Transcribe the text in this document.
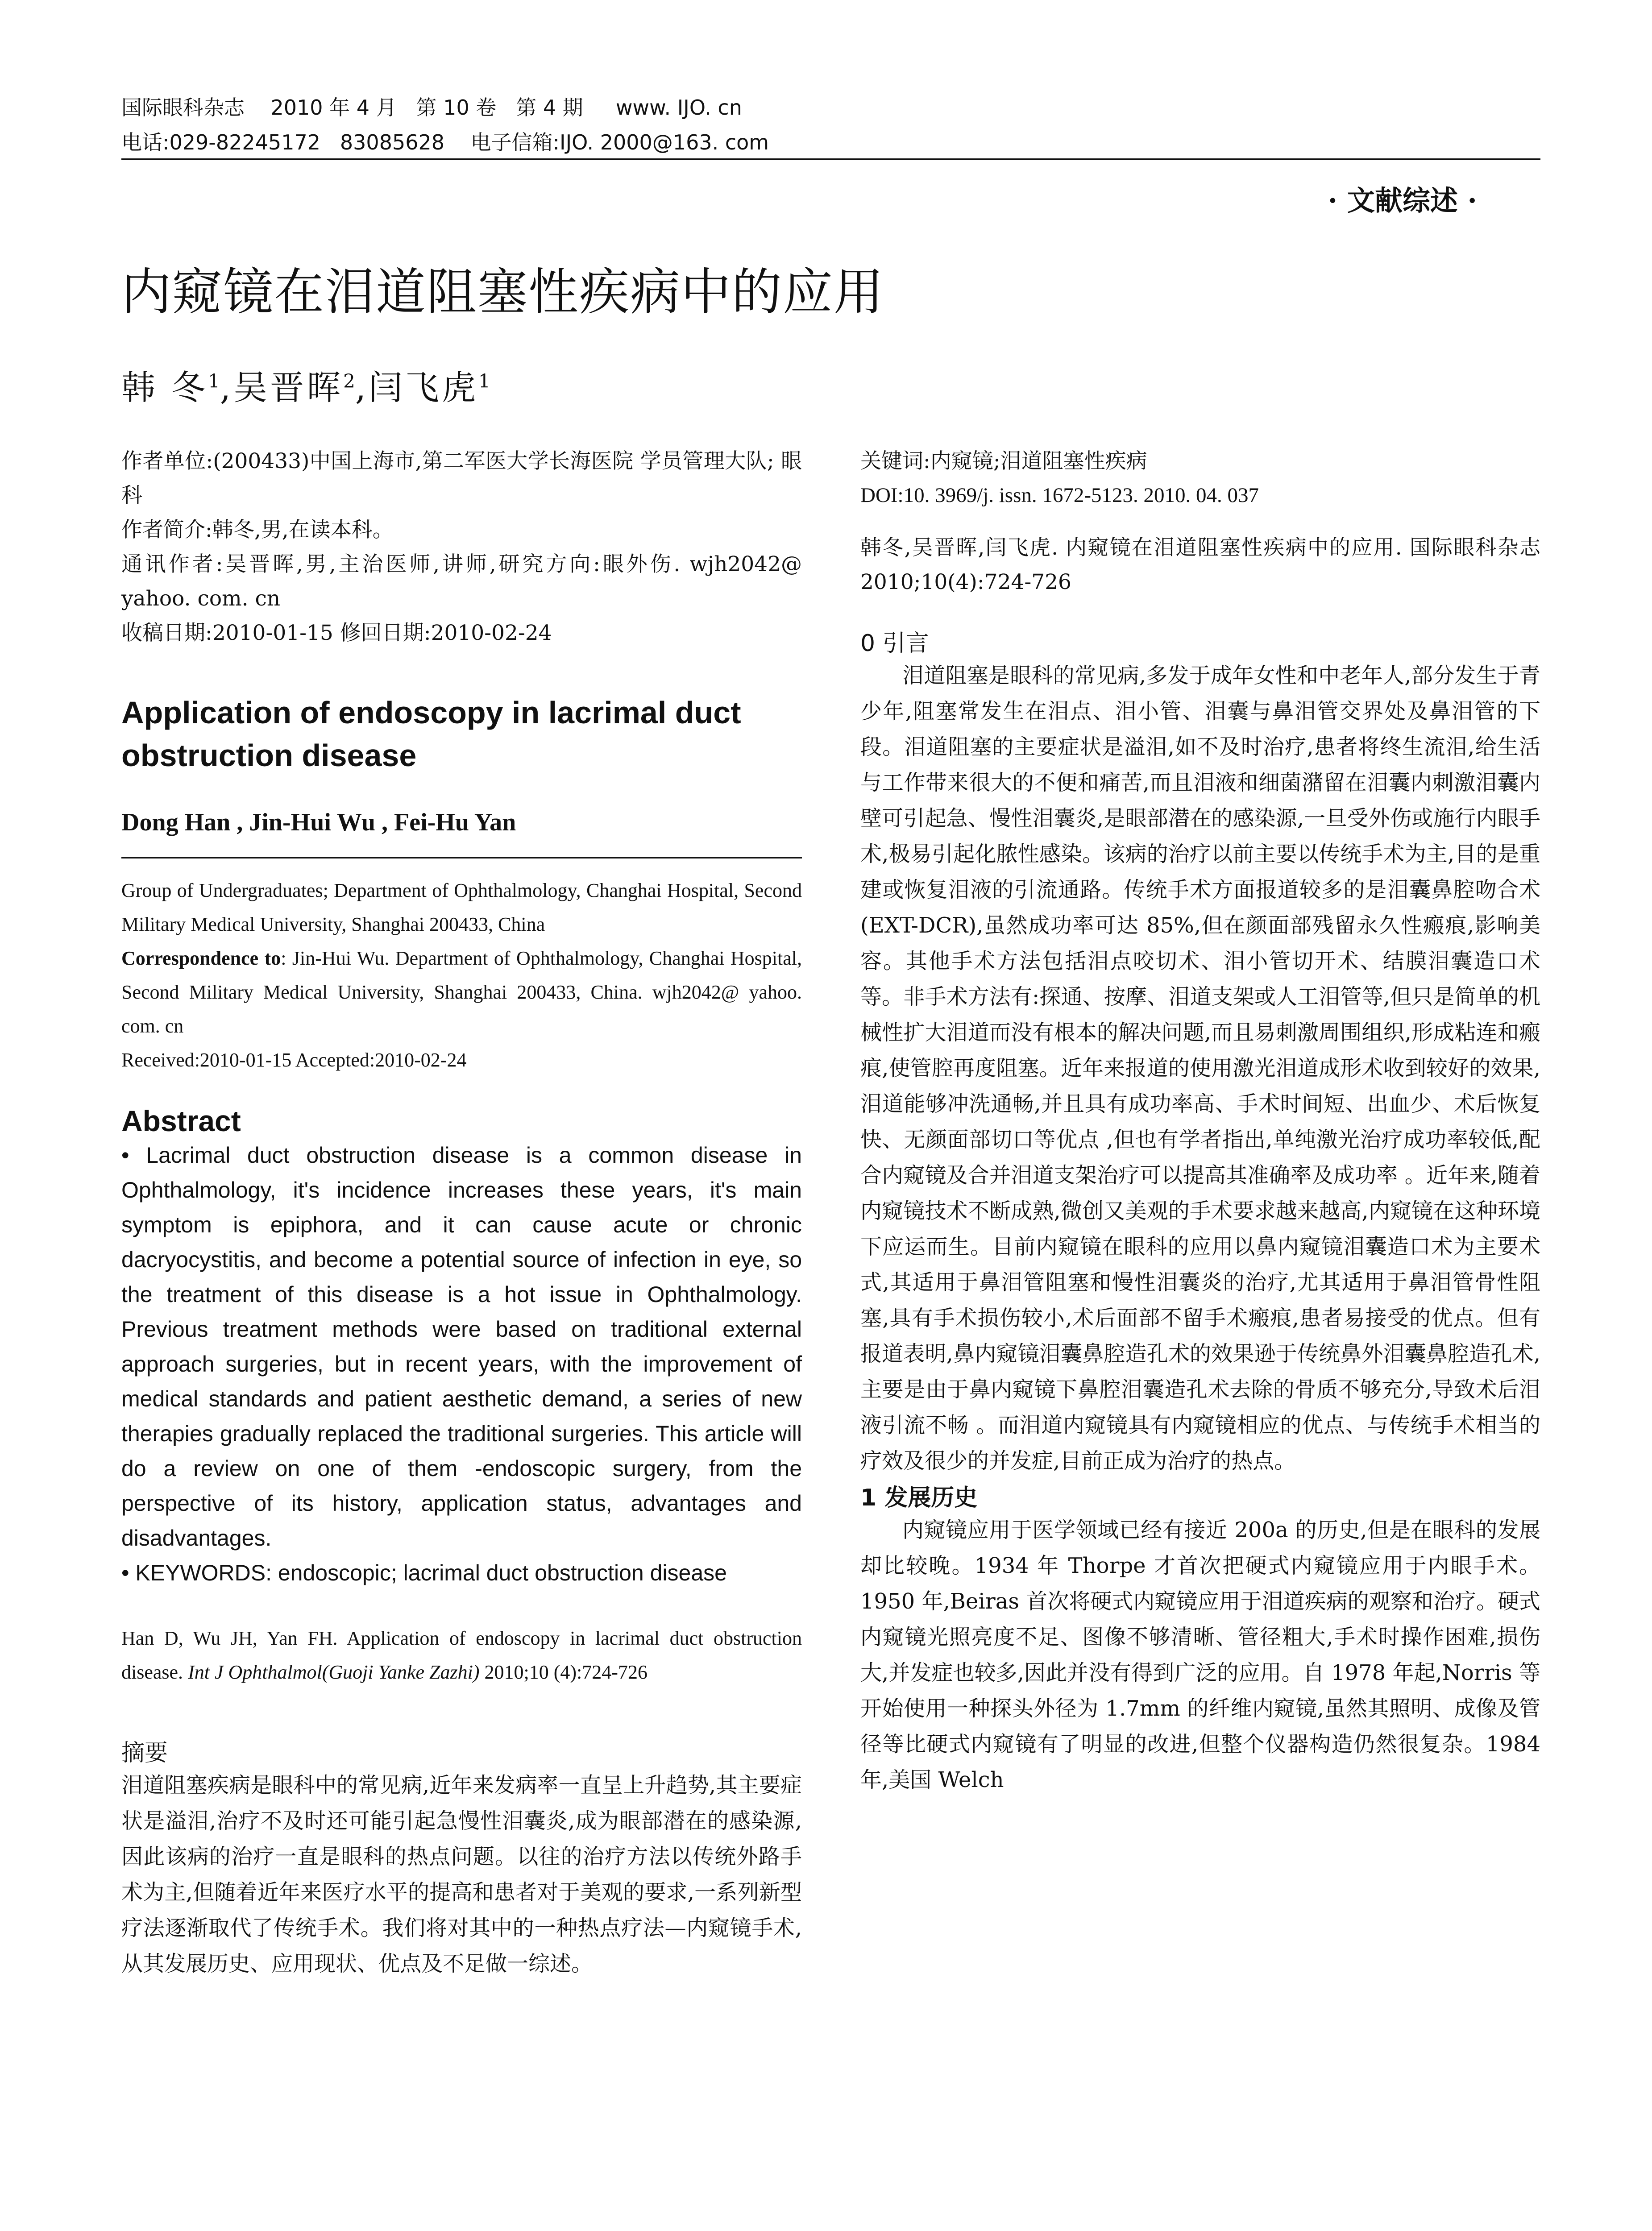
国际眼科杂志    2010 年 4 月   第 10 卷   第 4 期     www. IJO. cn
电话:029-82245172   83085628    电子信箱:IJO. 2000@163. com
· 文献综述 ·
内窥镜在泪道阻塞性疾病中的应用
韩 冬$^1$,吴晋晖$^2$,闫飞虎$^1$

作者单位:(200433)中国上海市,第二军医大学长海医院 学员管理大队; 眼科

作者简介:韩冬,男,在读本科。

通讯作者:吴晋晖,男,主治医师,讲师,研究方向:眼外伤. wjh2042@ yahoo. com. cn

收稿日期:2010-01-15 修回日期:2010-02-24

Application of endoscopy in lacrimal duct obstruction disease

Dong Han , Jin-Hui Wu , Fei-Hu Yan

Group of Undergraduates; Department of Ophthalmology, Changhai Hospital, Second Military Medical University, Shanghai 200433, China

Correspondence to: Jin-Hui Wu. Department of Ophthalmology, Changhai Hospital, Second Military Medical University, Shanghai 200433, China. wjh2042@ yahoo. com. cn

Received:2010-01-15 Accepted:2010-02-24

Abstract

• Lacrimal duct obstruction disease is a common disease in Ophthalmology, it's incidence increases these years, it's main symptom is epiphora, and it can cause acute or chronic dacryocystitis, and become a potential source of infection in eye, so the treatment of this disease is a hot issue in Ophthalmology. Previous treatment methods were based on traditional external approach surgeries, but in recent years, with the improvement of medical standards and patient aesthetic demand, a series of new therapies gradually replaced the traditional surgeries. This article will do a review on one of them -endoscopic surgery, from the perspective of its history, application status, advantages and disadvantages.

• KEYWORDS: endoscopic; lacrimal duct obstruction disease

Han D, Wu JH, Yan FH. Application of endoscopy in lacrimal duct obstruction disease. Int J Ophthalmol(Guoji Yanke Zazhi) 2010;10 (4):724-726

摘要

泪道阻塞疾病是眼科中的常见病,近年来发病率一直呈上升趋势,其主要症状是溢泪,治疗不及时还可能引起急慢性泪囊炎,成为眼部潜在的感染源,因此该病的治疗一直是眼科的热点问题。以往的治疗方法以传统外路手术为主,但随着近年来医疗水平的提高和患者对于美观的要求,一系列新型疗法逐渐取代了传统手术。我们将对其中的一种热点疗法—内窥镜手术,从其发展历史、应用现状、优点及不足做一综述。

关键词:内窥镜;泪道阻塞性疾病

DOI:10. 3969/j. issn. 1672-5123. 2010. 04. 037

韩冬,吴晋晖,闫飞虎. 内窥镜在泪道阻塞性疾病中的应用. 国际眼科杂志 2010;10(4):724-726

0 引言

泪道阻塞是眼科的常见病,多发于成年女性和中老年人,部分发生于青少年,阻塞常发生在泪点、泪小管、泪囊与鼻泪管交界处及鼻泪管的下段。泪道阻塞的主要症状是溢泪,如不及时治疗,患者将终生流泪,给生活与工作带来很大的不便和痛苦,而且泪液和细菌潴留在泪囊内刺激泪囊内壁可引起急、慢性泪囊炎,是眼部潜在的感染源,一旦受外伤或施行内眼手术,极易引起化脓性感染。该病的治疗以前主要以传统手术为主,目的是重建或恢复泪液的引流通路。传统手术方面报道较多的是泪囊鼻腔吻合术(EXT-DCR),虽然成功率可达 85%,但在颜面部残留永久性瘢痕,影响美容。其他手术方法包括泪点咬切术、泪小管切开术、结膜泪囊造口术等。非手术方法有:探通、按摩、泪道支架或人工泪管等,但只是简单的机械性扩大泪道而没有根本的解决问题,而且易刺激周围组织,形成粘连和瘢痕,使管腔再度阻塞。近年来报道的使用激光泪道成形术收到较好的效果,泪道能够冲洗通畅,并且具有成功率高、手术时间短、出血少、术后恢复快、无颜面部切口等优点 ,但也有学者指出,单纯激光治疗成功率较低,配合内窥镜及合并泪道支架治疗可以提高其准确率及成功率 。近年来,随着内窥镜技术不断成熟,微创又美观的手术要求越来越高,内窥镜在这种环境下应运而生。目前内窥镜在眼科的应用以鼻内窥镜泪囊造口术为主要术式,其适用于鼻泪管阻塞和慢性泪囊炎的治疗,尤其适用于鼻泪管骨性阻塞,具有手术损伤较小,术后面部不留手术瘢痕,患者易接受的优点。但有报道表明,鼻内窥镜泪囊鼻腔造孔术的效果逊于传统鼻外泪囊鼻腔造孔术,主要是由于鼻内窥镜下鼻腔泪囊造孔术去除的骨质不够充分,导致术后泪液引流不畅 。而泪道内窥镜具有内窥镜相应的优点、与传统手术相当的疗效及很少的并发症,目前正成为治疗的热点。

1 发展历史

内窥镜应用于医学领域已经有接近 200a 的历史,但是在眼科的发展却比较晚。1934 年 Thorpe 才首次把硬式内窥镜应用于内眼手术。1950 年,Beiras 首次将硬式内窥镜应用于泪道疾病的观察和治疗。硬式内窥镜光照亮度不足、图像不够清晰、管径粗大,手术时操作困难,损伤大,并发症也较多,因此并没有得到广泛的应用。自 1978 年起,Norris 等开始使用一种探头外径为 1.7mm 的纤维内窥镜,虽然其照明、成像及管径等比硬式内窥镜有了明显的改进,但整个仪器构造仍然很复杂。1984 年,美国 Welch
